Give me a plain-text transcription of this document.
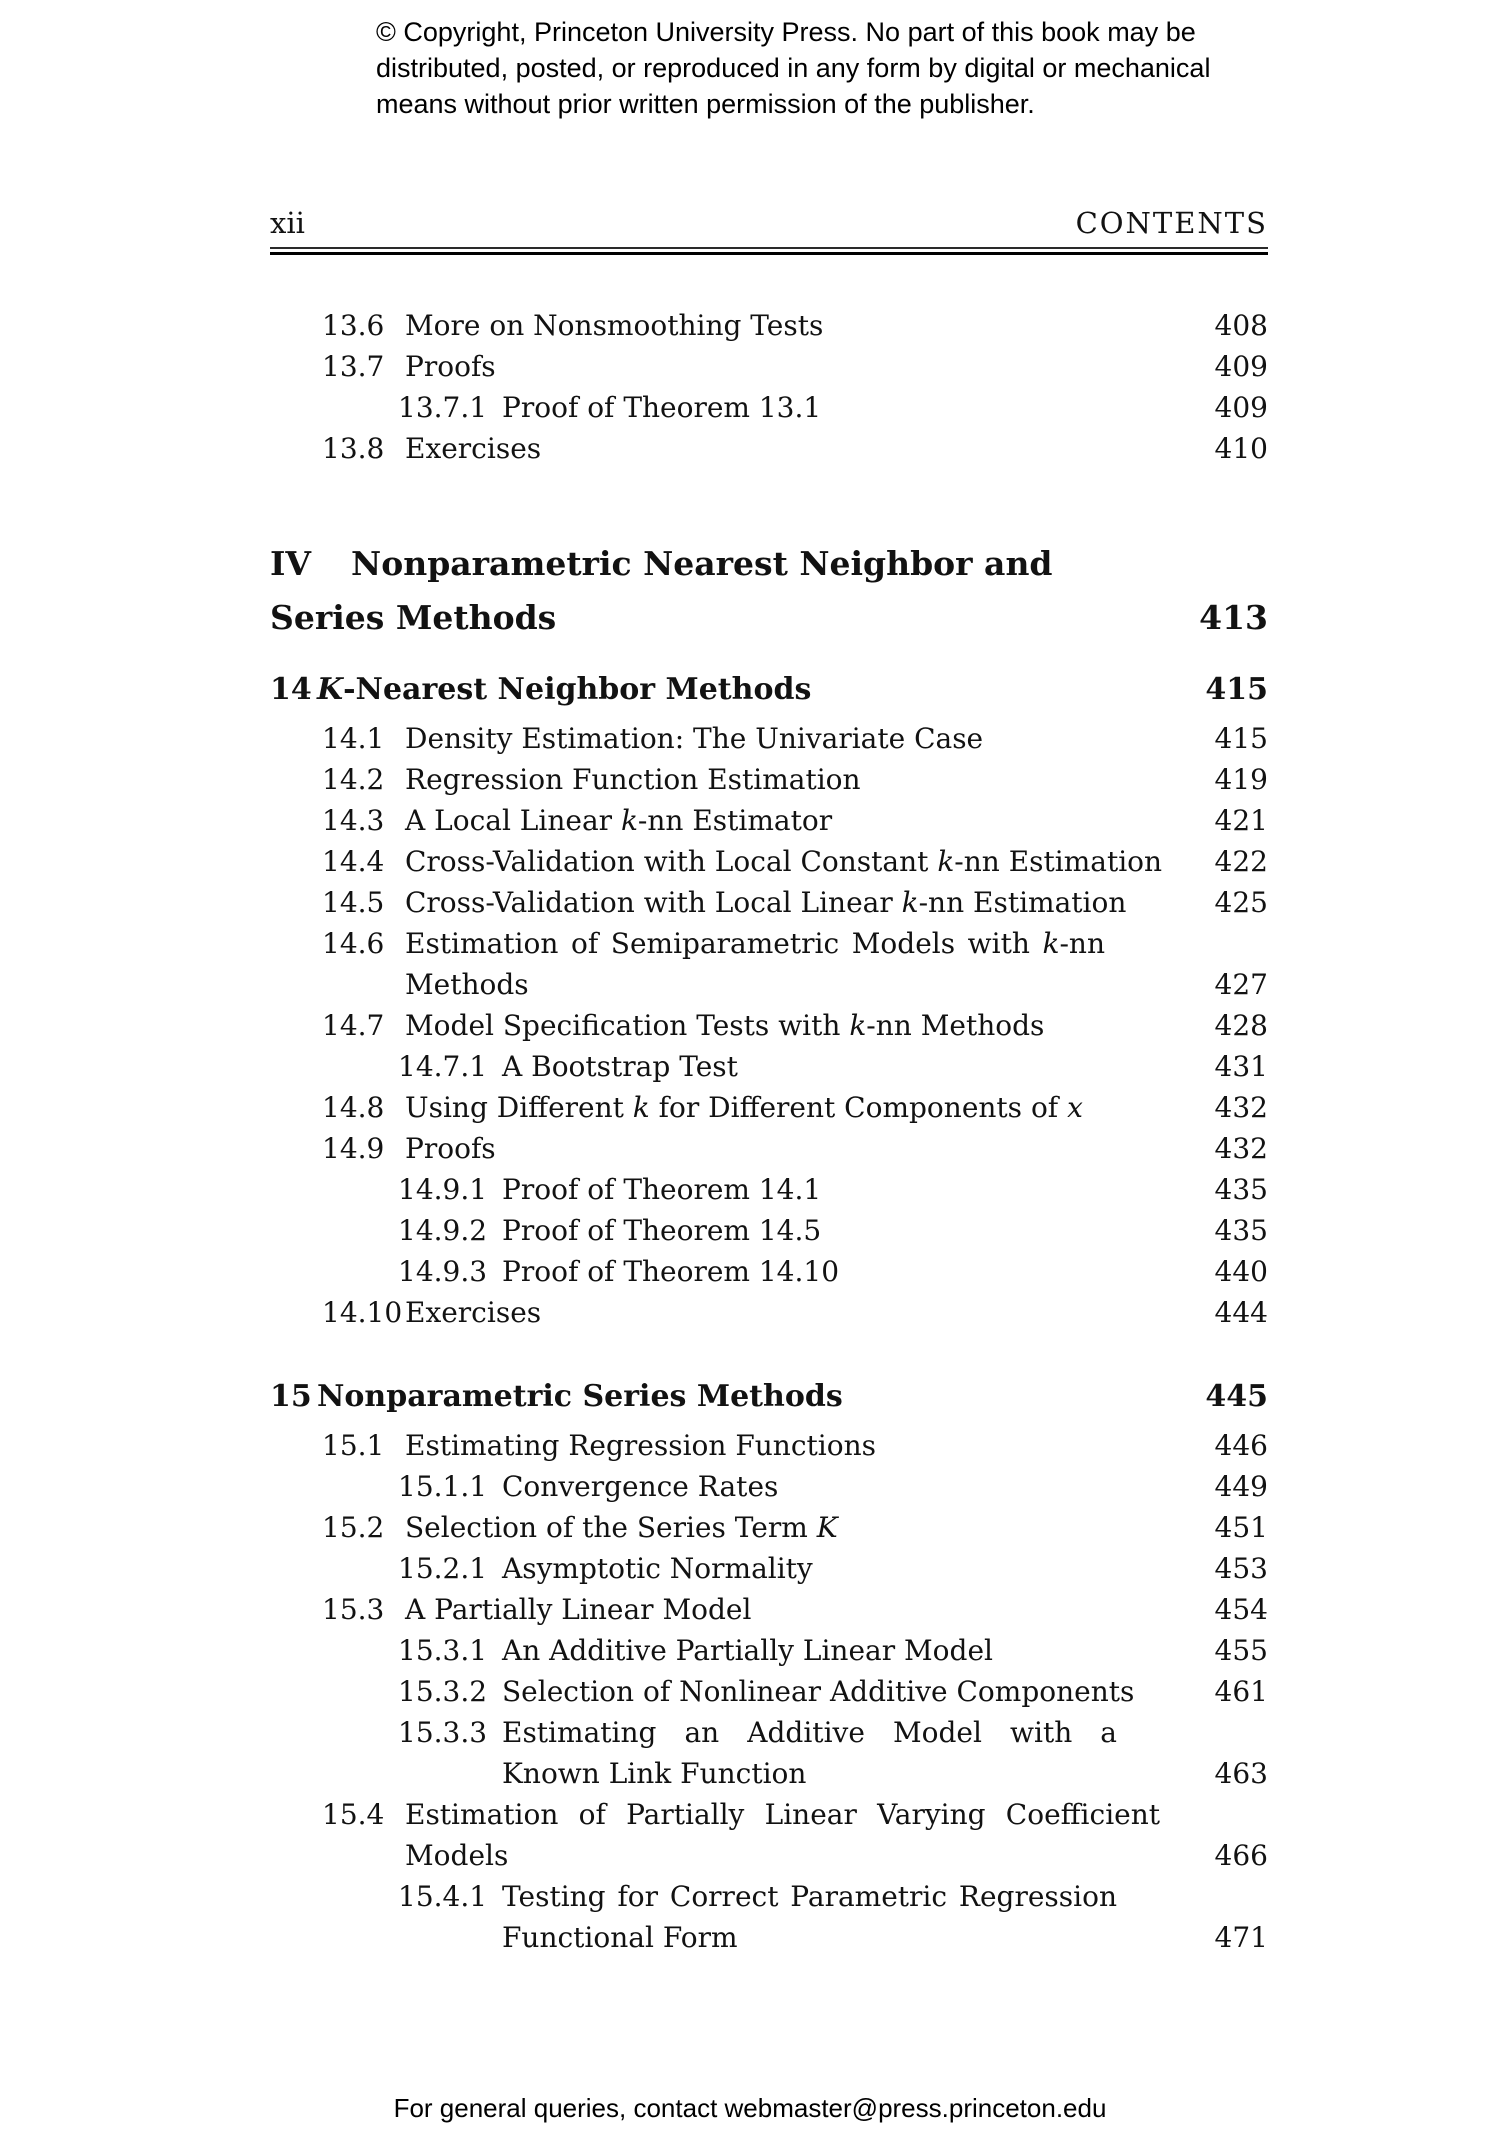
© Copyright, Princeton University Press. No part of this book may be
distributed, posted, or reproduced in any form by digital or mechanical
means without prior written permission of the publisher.
xii	CONTENTS
13.6 More on Nonsmoothing Tests	408
13.7 Proofs	409
13.7.1 Proof of Theorem 13.1	409
13.8 Exercises	410
IV Nonparametric Nearest Neighbor and Series Methods	413
14 K-Nearest Neighbor Methods	415
14.1 Density Estimation: The Univariate Case	415
14.2 Regression Function Estimation	419
14.3 A Local Linear k-nn Estimator	421
14.4 Cross-Validation with Local Constant k-nn Estimation	422
14.5 Cross-Validation with Local Linear k-nn Estimation	425
14.6 Estimation of Semiparametric Models with k-nn Methods	427
14.7 Model Specification Tests with k-nn Methods	428
14.7.1 A Bootstrap Test	431
14.8 Using Different k for Different Components of x	432
14.9 Proofs	432
14.9.1 Proof of Theorem 14.1	435
14.9.2 Proof of Theorem 14.5	435
14.9.3 Proof of Theorem 14.10	440
14.10 Exercises	444
15 Nonparametric Series Methods	445
15.1 Estimating Regression Functions	446
15.1.1 Convergence Rates	449
15.2 Selection of the Series Term K	451
15.2.1 Asymptotic Normality	453
15.3 A Partially Linear Model	454
15.3.1 An Additive Partially Linear Model	455
15.3.2 Selection of Nonlinear Additive Components	461
15.3.3 Estimating an Additive Model with a Known Link Function	463
15.4 Estimation of Partially Linear Varying Coefficient Models	466
15.4.1 Testing for Correct Parametric Regression Functional Form	471
For general queries, contact webmaster@press.princeton.edu
